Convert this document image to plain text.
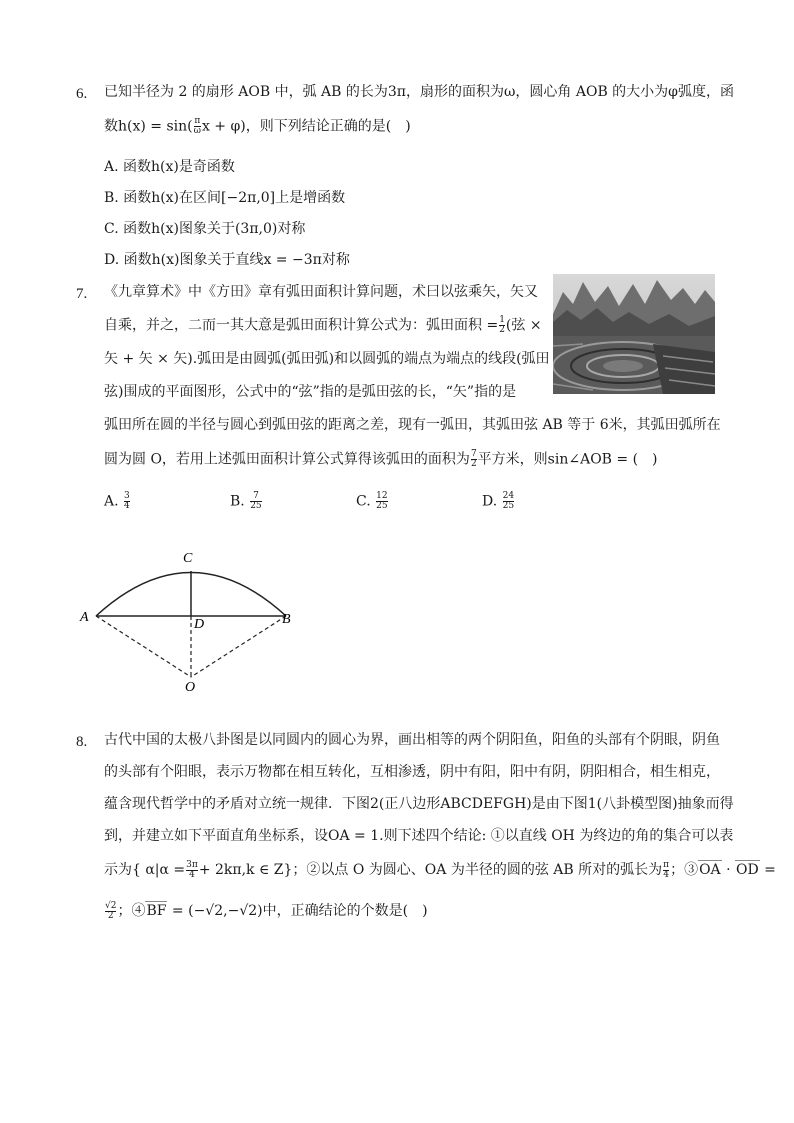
6. 已知半径为 2 的扇形 AOB 中，弧 AB 的长为3π，扇形的面积为ω，圆心角 AOB 的大小为φ弧度，函
数$h(x) = \sin( \frac{\pi}{\omega}$ x + φ)，则下列结论正确的是(　)
A. 函数h(x)是奇函数
B. 函数h(x)在区间[−2π,0]上是增函数
C. 函数h(x)图象关于(3π,0)对称
D. 函数h(x)图象关于直线x = −3π对称
7. 《九章算术》中《方田》章有弧田面积计算问题，术曰以弦乘矢，矢又
自乘，并之，二而一其大意是弧田面积计算公式为：弧田面积 = $\frac{1}{2}$ (弦 ×
矢 + 矢 × 矢).弧田是由圆弧(弧田弧)和以圆弧的端点为端点的线段(弧田
弦)围成的平面图形，公式中的“弦”指的是弧田弦的长，“矢”指的是
弧田所在圆的半径与圆心到弧田弦的距离之差，现有一弧田，其弧田弦 AB 等于 6米，其弧田弧所在
圆为圆 O，若用上述弧田面积计算公式算得该弧田的面积为 $\frac{7}{2}$ 平方米，则sin∠AOB = (　)
A. $\frac{3}{4}$	B. $\frac{7}{25}$	C. $\frac{12}{25}$	D. $\frac{24}{25}$
A	B
C
D
O
8. 古代中国的太极八卦图是以同圆内的圆心为界，画出相等的两个阴阳鱼，阳鱼的头部有个阴眼，阴鱼
的头部有个阳眼，表示万物都在相互转化，互相渗透，阴中有阳，阳中有阴，阴阳相合，相生相克，
蕴含现代哲学中的矛盾对立统一规律．下图2(正八边形ABCDEFGH)是由下图1(八卦模型图)抽象而得
到，并建立如下平面直角坐标系，设OA = 1.则下述四个结论: ①以直线 OH 为终边的角的集合可以表
示为{ $\alpha|\alpha = \frac{3\pi}{4} + 2k\pi,k$ ∈ Z}；②以点 O 为圆心、OA 为半径的圆的弦 AB 所对的弧长为 $\frac{\pi}{4}$ ；③OA · OD =
$\frac{√2}{2}$ ；④BF = (−√2,−√2)中，正确结论的个数是(　)
